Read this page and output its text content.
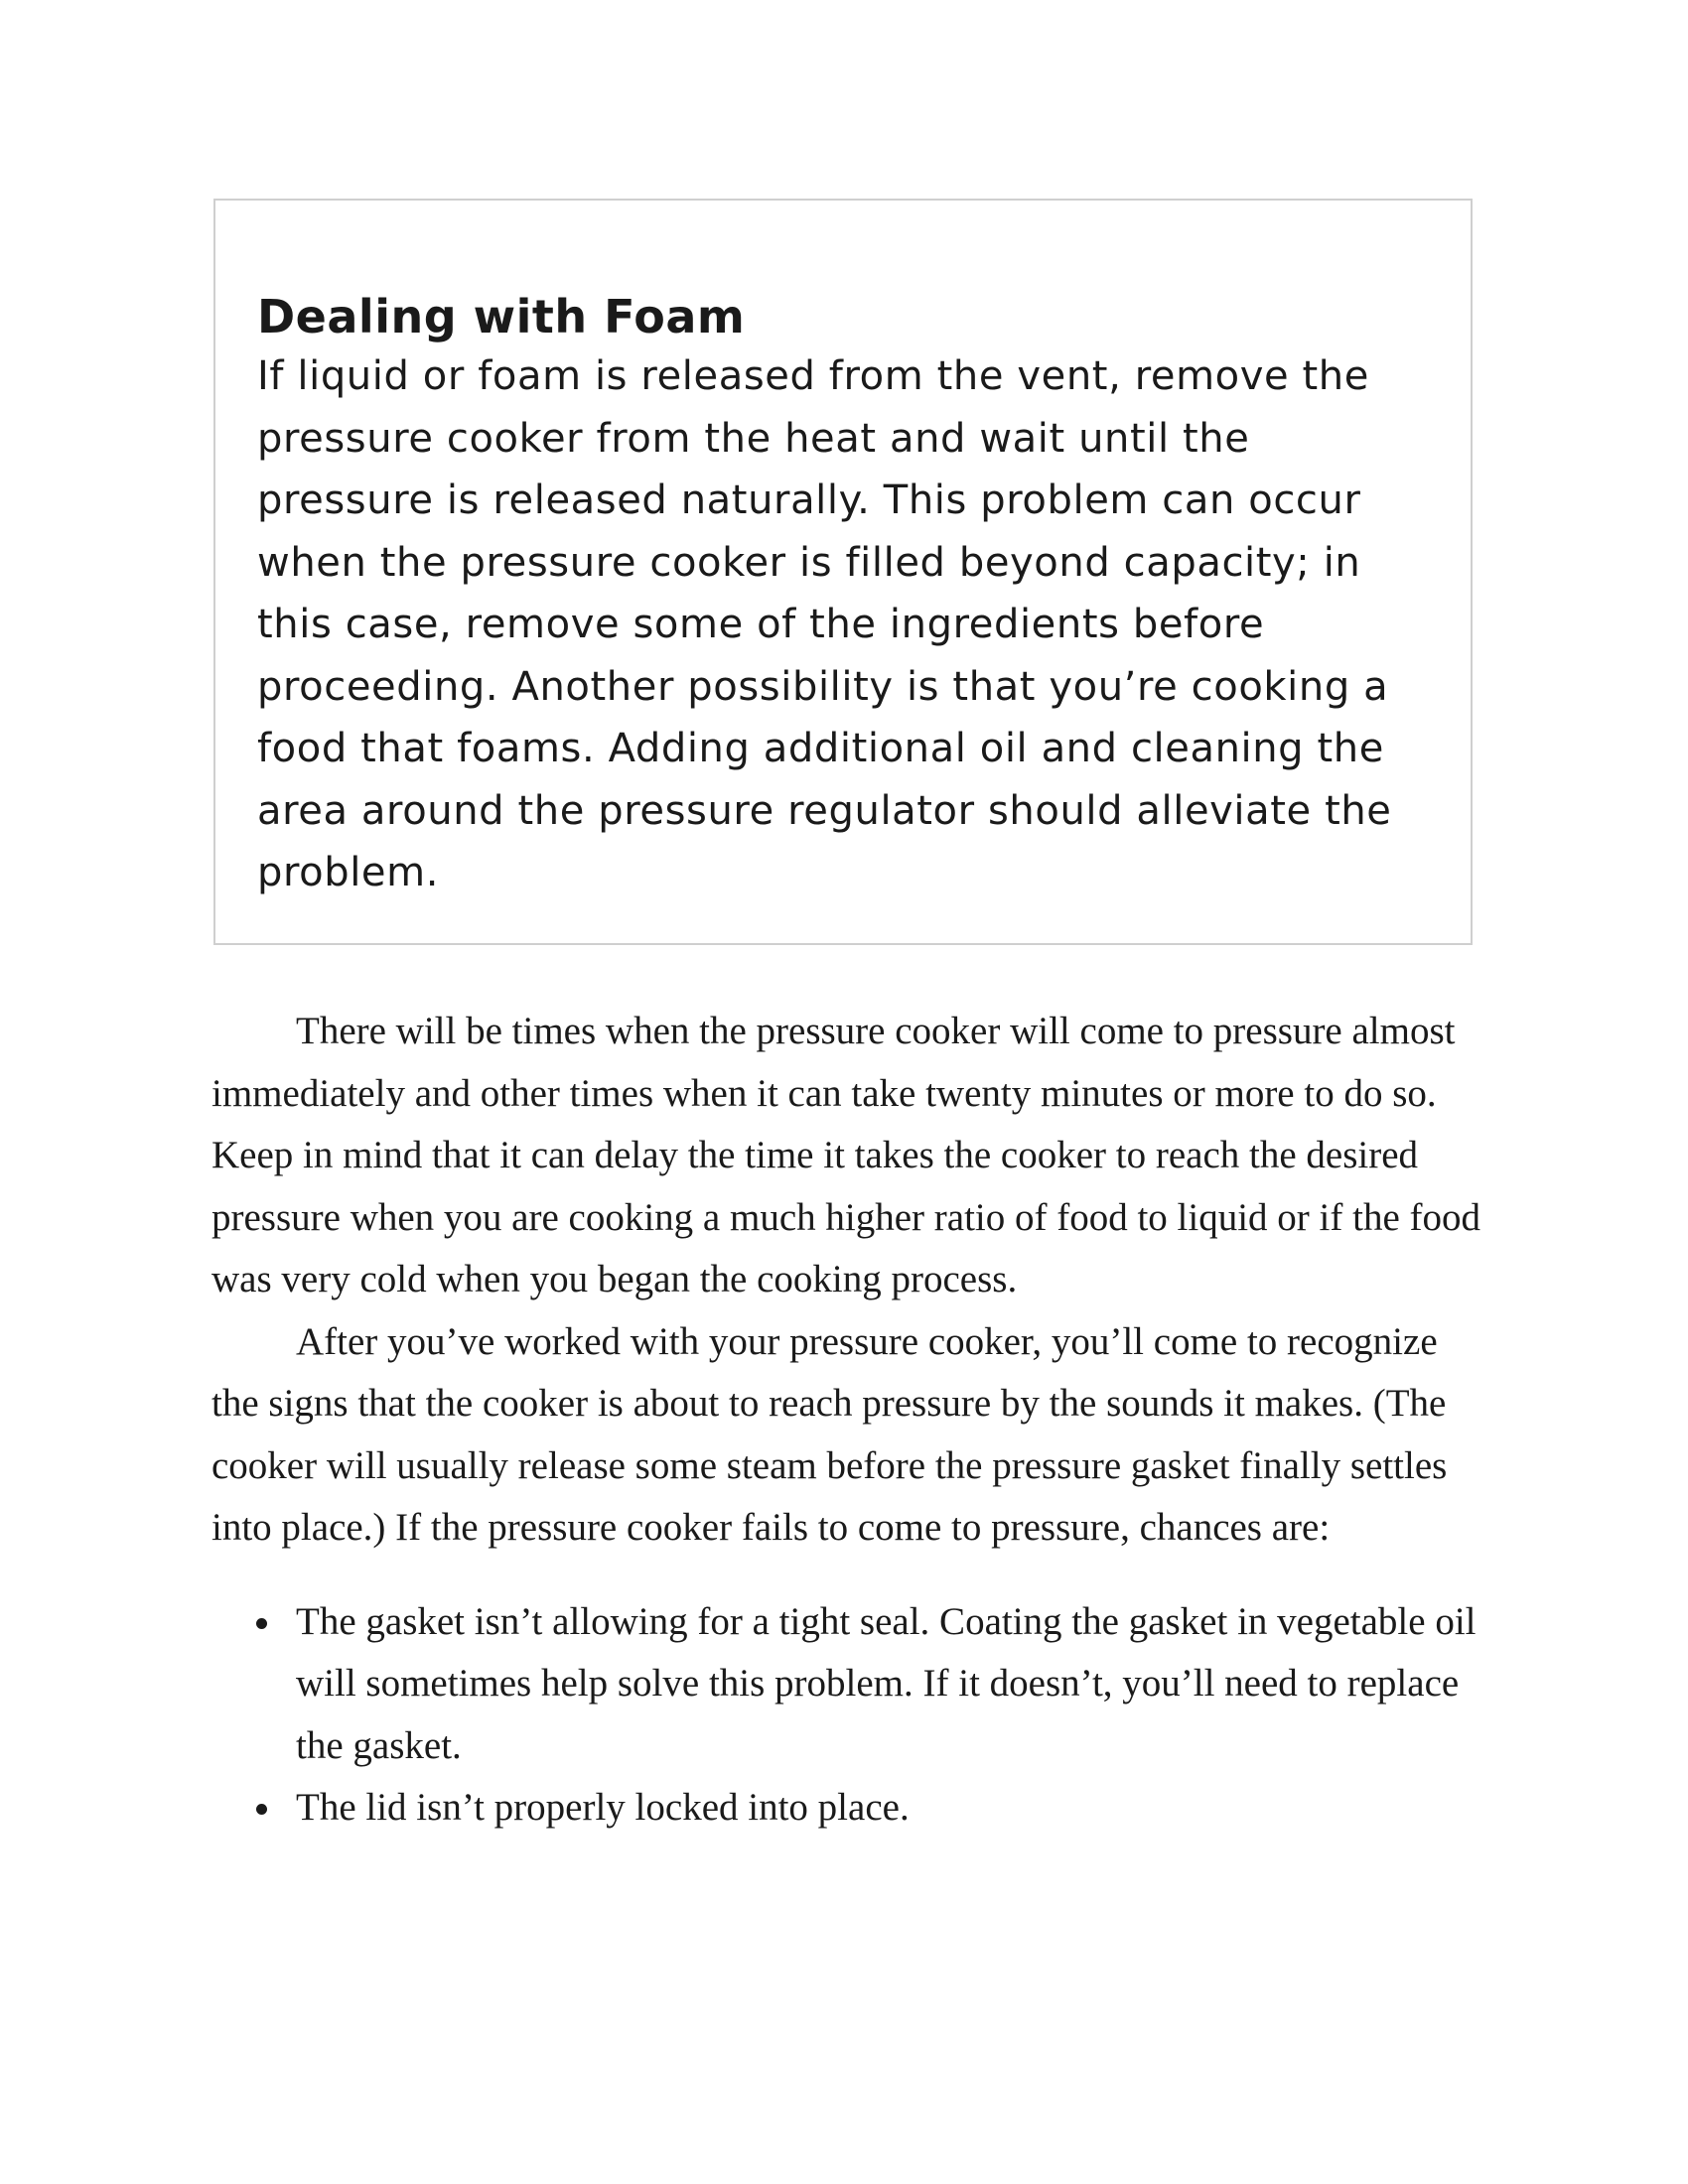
Dealing with Foam

If liquid or foam is released from the vent, remove the pressure cooker from the heat and wait until the pressure is released naturally. This problem can occur when the pressure cooker is filled beyond capacity; in this case, remove some of the ingredients before proceeding. Another possibility is that you’re cooking a food that foams. Adding additional oil and cleaning the area around the pressure regulator should alleviate the problem.

There will be times when the pressure cooker will come to pressure almost immediately and other times when it can take twenty minutes or more to do so. Keep in mind that it can delay the time it takes the cooker to reach the desired pressure when you are cooking a much higher ratio of food to liquid or if the food was very cold when you began the cooking process.

After you’ve worked with your pressure cooker, you’ll come to recognize the signs that the cooker is about to reach pressure by the sounds it makes. (The cooker will usually release some steam before the pressure gasket finally settles into place.) If the pressure cooker fails to come to pressure, chances are:

The gasket isn’t allowing for a tight seal. Coating the gasket in vegetable oil will sometimes help solve this problem. If it doesn’t, you’ll need to replace the gasket.
The lid isn’t properly locked into place.
